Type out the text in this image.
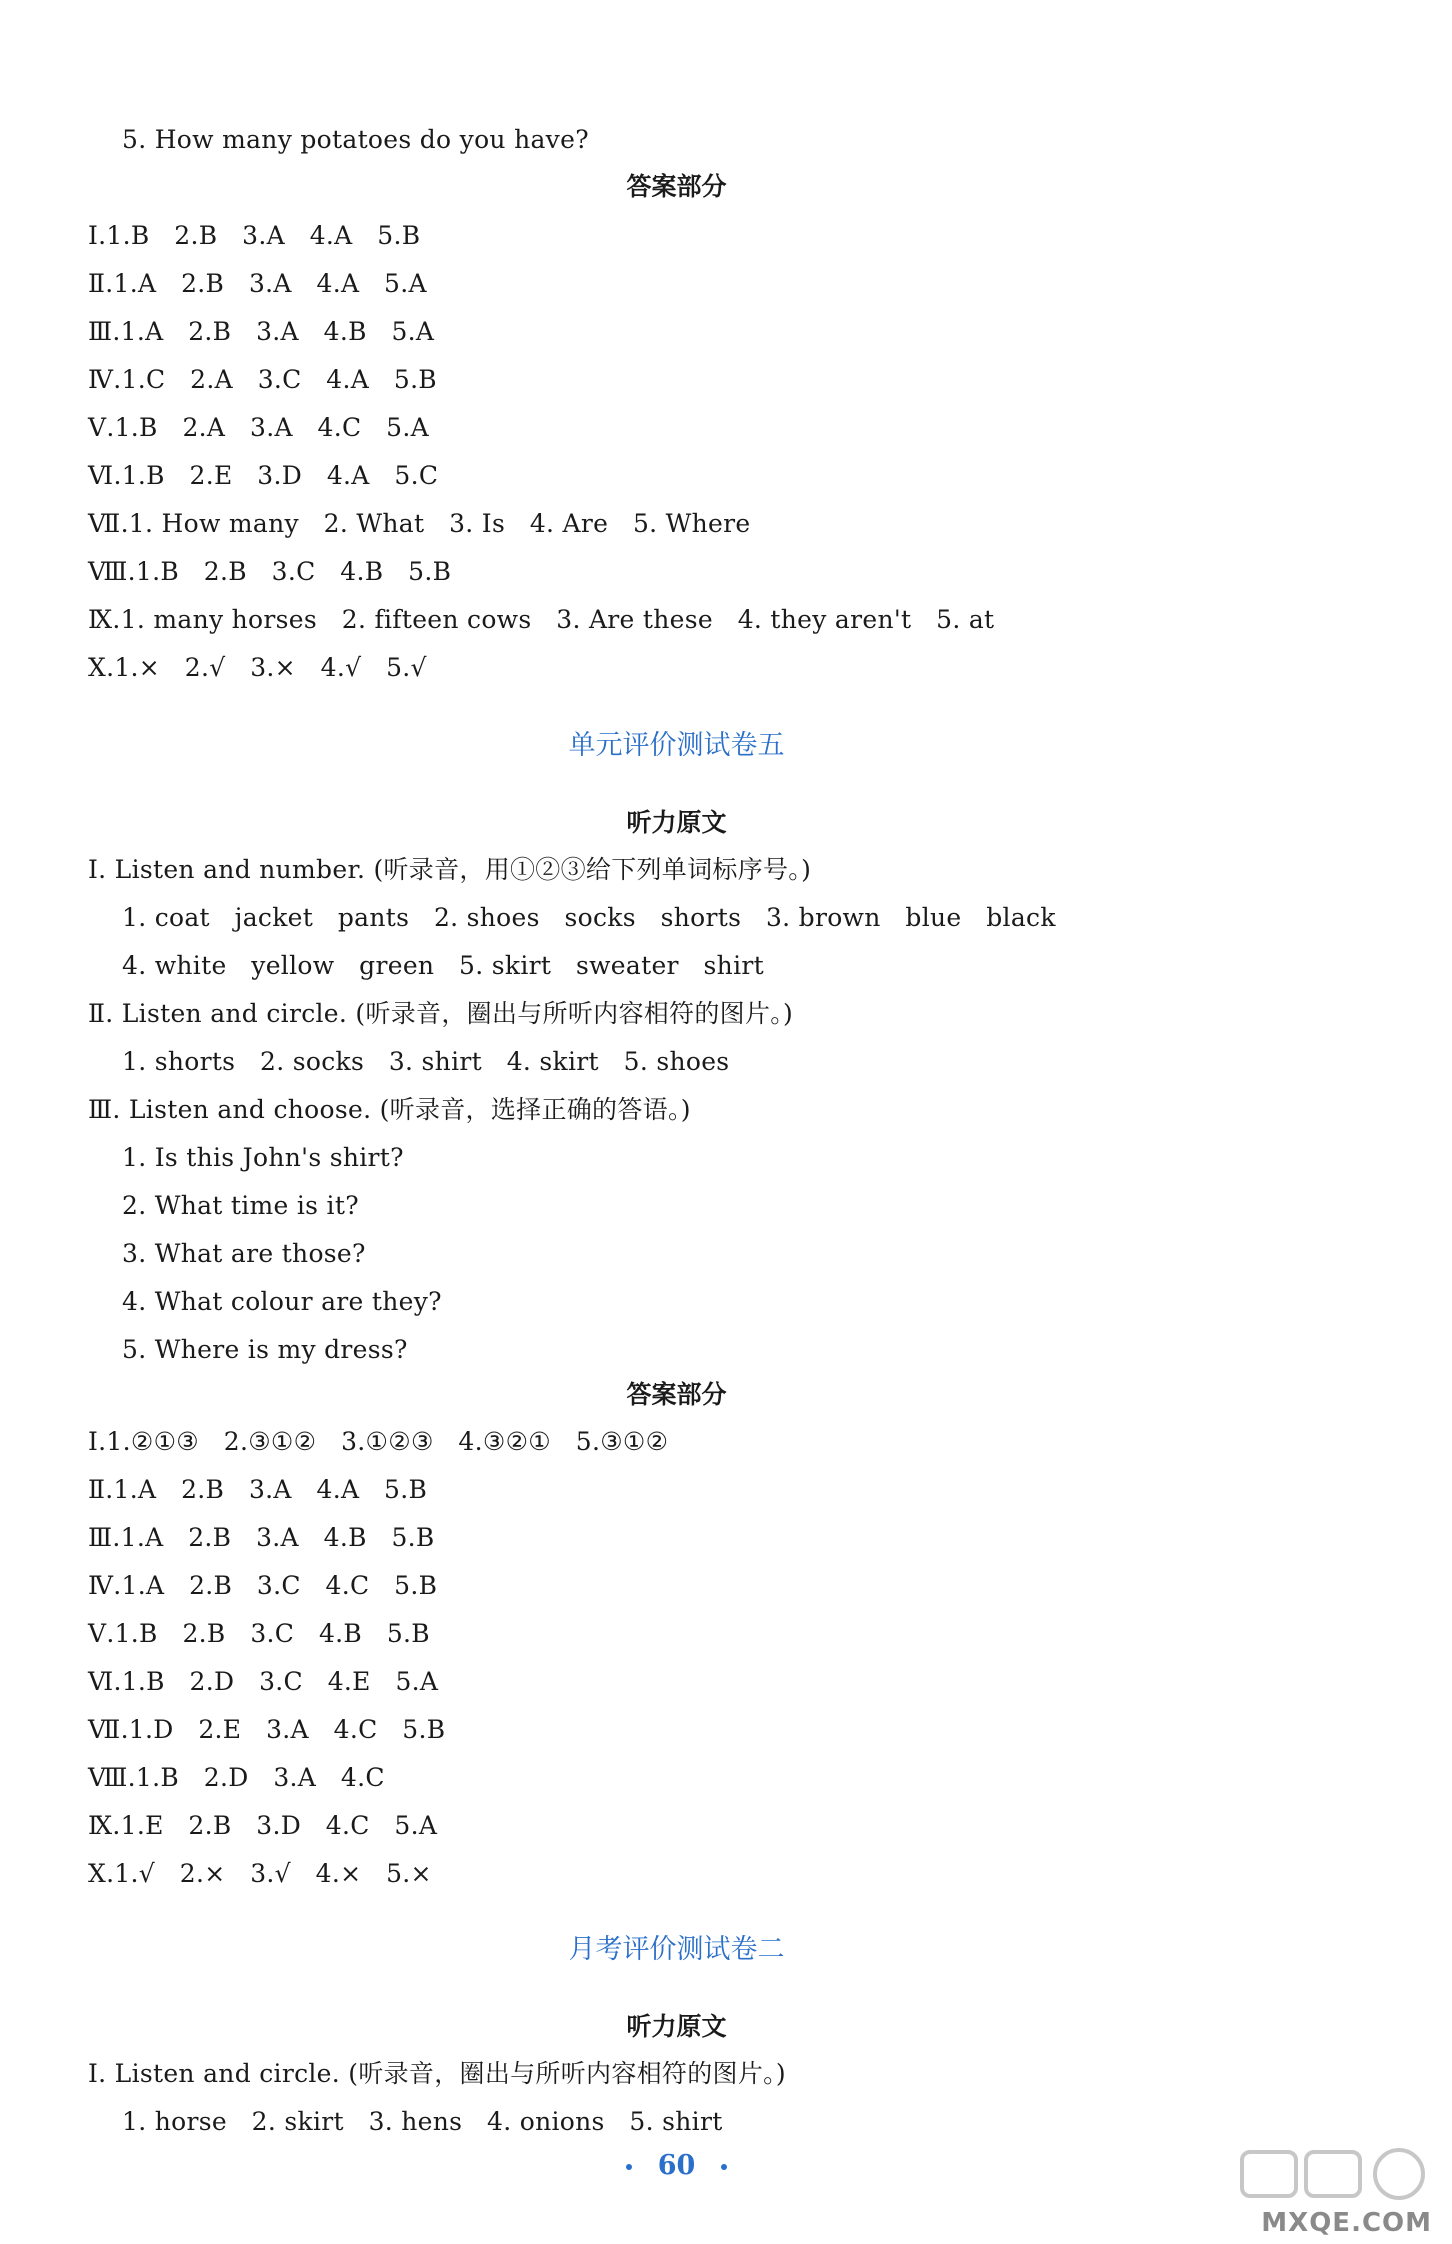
5. How many potatoes do you have?
答案部分
Ⅰ.1.B   2.B   3.A   4.A   5.B
Ⅱ.1.A   2.B   3.A   4.A   5.A
Ⅲ.1.A   2.B   3.A   4.B   5.A
Ⅳ.1.C   2.A   3.C   4.A   5.B
Ⅴ.1.B   2.A   3.A   4.C   5.A
Ⅵ.1.B   2.E   3.D   4.A   5.C
Ⅶ.1. How many   2. What   3. Is   4. Are   5. Where
Ⅷ.1.B   2.B   3.C   4.B   5.B
Ⅸ.1. many horses   2. fifteen cows   3. Are these   4. they aren't   5. at
Ⅹ.1.×   2.√   3.×   4.√   5.√
单元评价测试卷五
听力原文
Ⅰ. Listen and number. (听录音，用①②③给下列单词标序号。)
1. coat   jacket   pants   2. shoes   socks   shorts   3. brown   blue   black
4. white   yellow   green   5. skirt   sweater   shirt
Ⅱ. Listen and circle. (听录音，圈出与所听内容相符的图片。)
1. shorts   2. socks   3. shirt   4. skirt   5. shoes
Ⅲ. Listen and choose. (听录音，选择正确的答语。)
1. Is this John's shirt?
2. What time is it?
3. What are those?
4. What colour are they?
5. Where is my dress?
答案部分
Ⅰ.1.②①③   2.③①②   3.①②③   4.③②①   5.③①②
Ⅱ.1.A   2.B   3.A   4.A   5.B
Ⅲ.1.A   2.B   3.A   4.B   5.B
Ⅳ.1.A   2.B   3.C   4.C   5.B
Ⅴ.1.B   2.B   3.C   4.B   5.B
Ⅵ.1.B   2.D   3.C   4.E   5.A
Ⅶ.1.D   2.E   3.A   4.C   5.B
Ⅷ.1.B   2.D   3.A   4.C
Ⅸ.1.E   2.B   3.D   4.C   5.A
Ⅹ.1.√   2.×   3.√   4.×   5.×
月考评价测试卷二
听力原文
Ⅰ. Listen and circle. (听录音，圈出与所听内容相符的图片。)
1. horse   2. skirt   3. hens   4. onions   5. shirt
60
MXQE.COM
